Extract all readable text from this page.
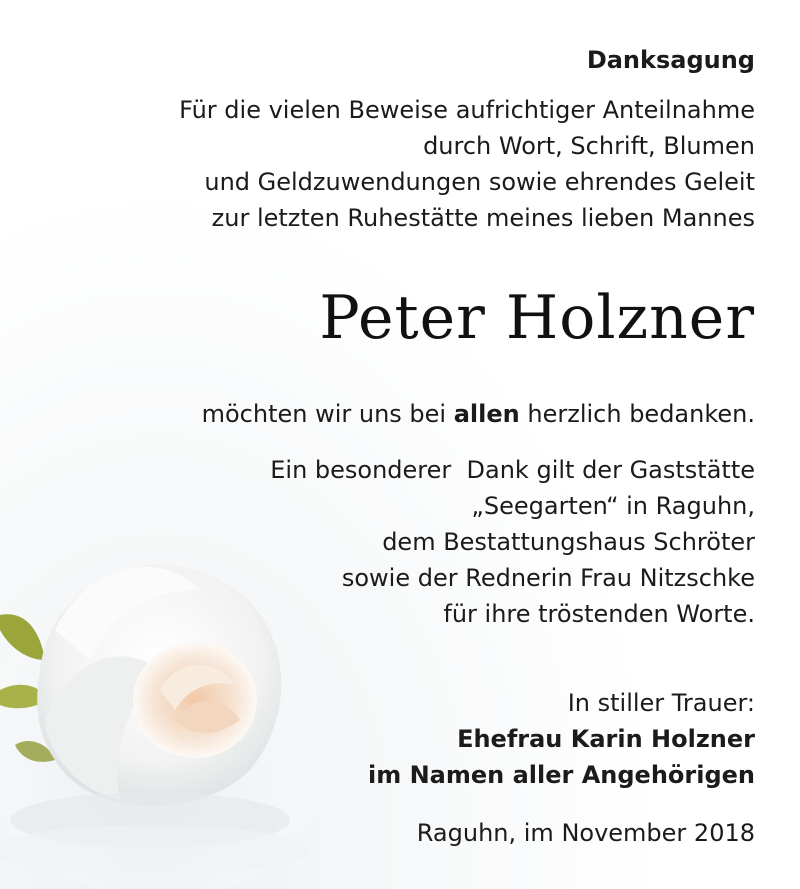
Danksagung
Für die vielen Beweise aufrichtiger Anteilnahme
durch Wort, Schrift, Blumen
und Geldzuwendungen sowie ehrendes Geleit
zur letzten Ruhestätte meines lieben Mannes
Peter Holzner
möchten wir uns bei allen herzlich bedanken.
Ein besonderer  Dank gilt der Gaststätte
„Seegarten“ in Raguhn,
dem Bestattungshaus Schröter
sowie der Rednerin Frau Nitzschke
für ihre tröstenden Worte.
In stiller Trauer:
Ehefrau Karin Holzner
im Namen aller Angehörigen
Raguhn, im November 2018
